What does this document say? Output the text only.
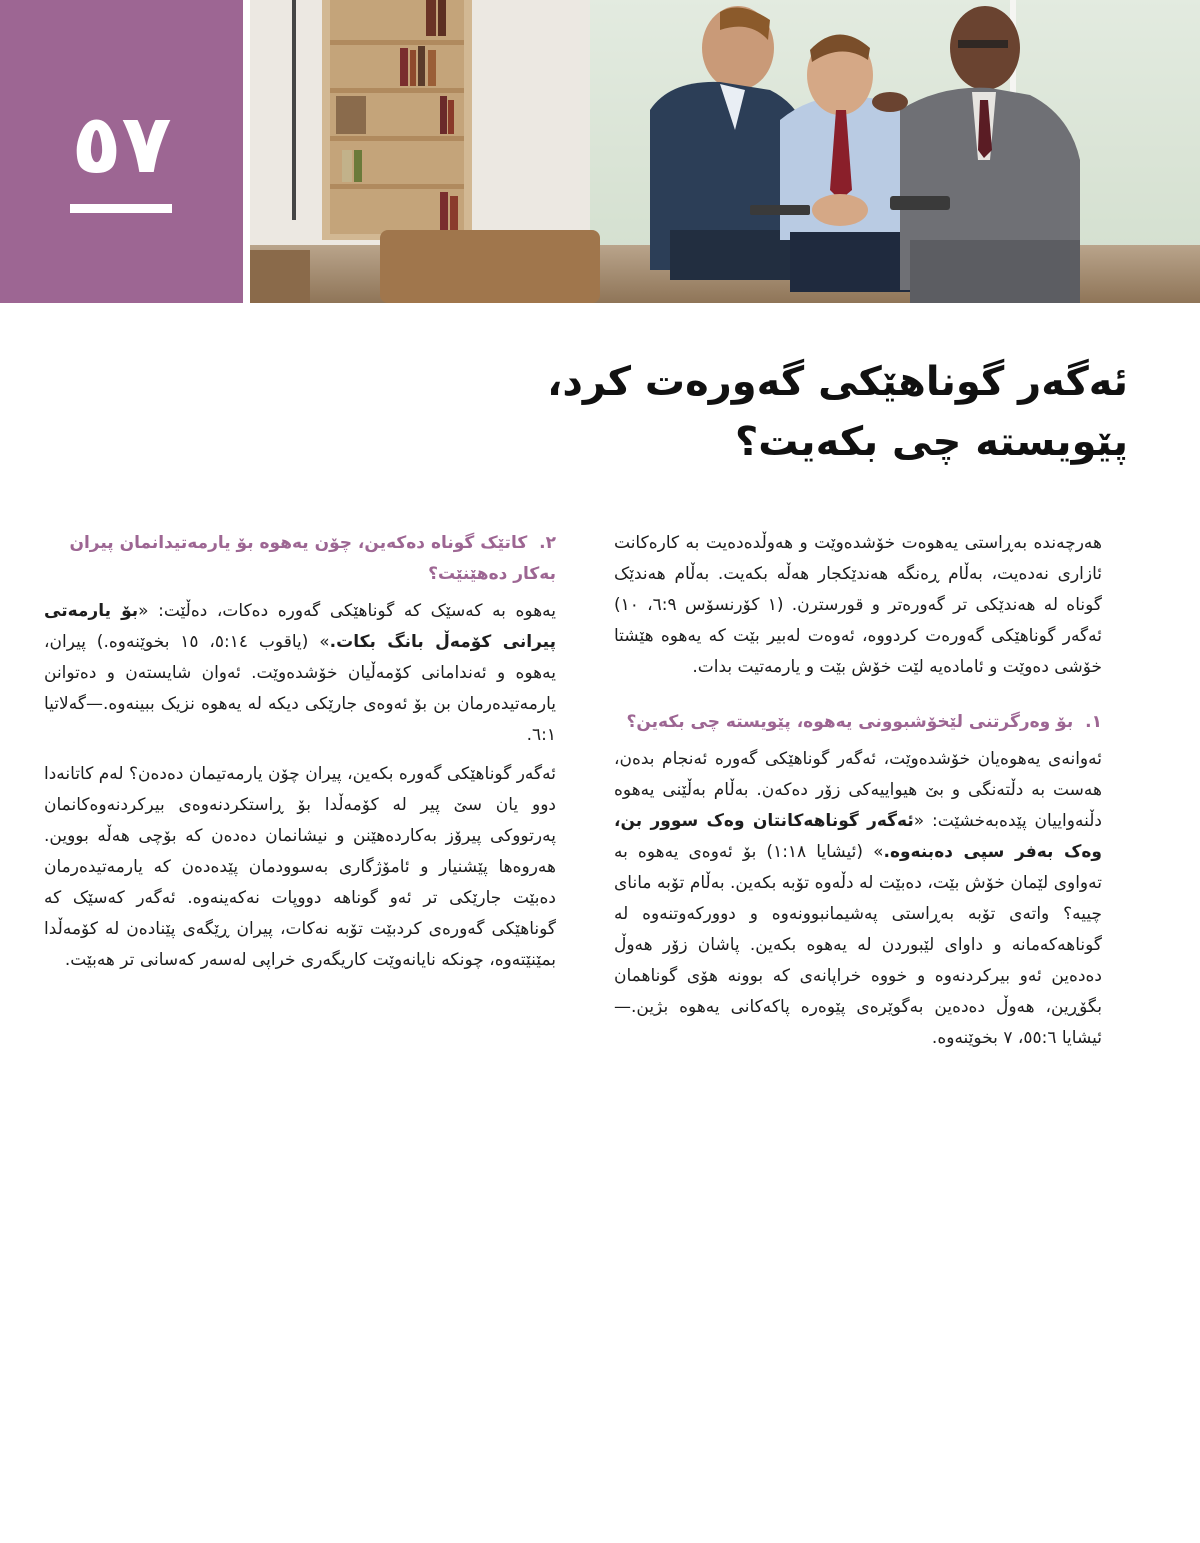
٥٧
ئەگەر گوناهێکی گەورەت کرد،
پێویستە چی بکەیت؟

هەرچەندە بەڕاستی یەهوەت خۆشدەوێت و هەوڵدەدەیت بە کارەکانت ئازاری نەدەیت، بەڵام ڕەنگە هەندێکجار هەڵە بکەیت. بەڵام هەندێک گوناه لە هەندێکی تر گەورەتر و قورسترن. (١ کۆرنسۆس ٦:٩، ١٠) ئەگەر گوناهێکی گەورەت کردووە، ئەوەت لەبیر بێت کە یەهوە هێشتا خۆشی دەوێت و ئامادەیە لێت خۆش بێت و یارمەتیت بدات.

١. بۆ وەرگرتنی لێخۆشبوونی یەهوە، پێویستە چی بکەین؟

ئەوانەی یەهوەیان خۆشدەوێت، ئەگەر گوناهێکی گەورە ئەنجام بدەن، هەست بە دڵتەنگی و بێ هیواییەکی زۆر دەکەن. بەڵام بەڵێنی یەهوە دڵنەواییان پێدەبەخشێت: «ئەگەر گوناهەکانتان وەک سوور بن، وەک بەفر سپی دەبنەوە.» (ئیشایا ١:١٨) بۆ ئەوەی یەهوە بە تەواوی لێمان خۆش بێت، دەبێت لە دڵەوە تۆبە بکەین. بەڵام تۆبە مانای چییە؟ واتەی تۆبە بەڕاستی پەشیمانبوونەوە و دوورکەوتنەوە لە گوناهەکەمانە و داوای لێبوردن لە یەهوە بکەین. پاشان زۆر هەوڵ دەدەین ئەو بیرکردنەوە و خووە خراپانەی کە بوونە هۆی گوناهمان بگۆڕین، هەوڵ دەدەین بەگوێرەی پێوەرە پاکەکانی یەهوە بژین.—ئیشایا ٥٥:٦، ٧ بخوێنەوە.

٢. کاتێک گوناه دەکەین، چۆن یەهوە بۆ یارمەتیدانمان پیران بەکار دەهێنێت؟

یەهوە بە کەسێک کە گوناهێکی گەورە دەکات، دەڵێت: «بۆ یارمەتی پیرانی کۆمەڵ بانگ بکات.» (یاقوب ٥:١٤، ١٥ بخوێنەوە.) پیران، یەهوە و ئەندامانی کۆمەڵیان خۆشدەوێت. ئەوان شایستەن و دەتوانن یارمەتیدەرمان بن بۆ ئەوەی جارێکی دیکە لە یەهوە نزیک ببینەوە.—گەلاتیا ٦:١.

ئەگەر گوناهێکی گەورە بکەین، پیران چۆن یارمەتیمان دەدەن؟ لەم کاتانەدا دوو یان سێ پیر لە کۆمەڵدا بۆ ڕاستکردنەوەی بیرکردنەوەکانمان پەرتووکی پیرۆز بەکاردەهێنن و نیشانمان دەدەن کە بۆچی هەڵە بووین. هەروەها پێشنیار و ئامۆژگاری بەسوودمان پێدەدەن کە یارمەتیدەرمان دەبێت جارێکی تر ئەو گوناهە دووپات نەکەینەوە. ئەگەر کەسێک کە گوناهێکی گەورەی کردبێت تۆبە نەکات، پیران ڕێگەی پێنادەن لە کۆمەڵدا بمێنێتەوە، چونکە نایانەوێت کاریگەری خراپی لەسەر کەسانی تر هەبێت.
